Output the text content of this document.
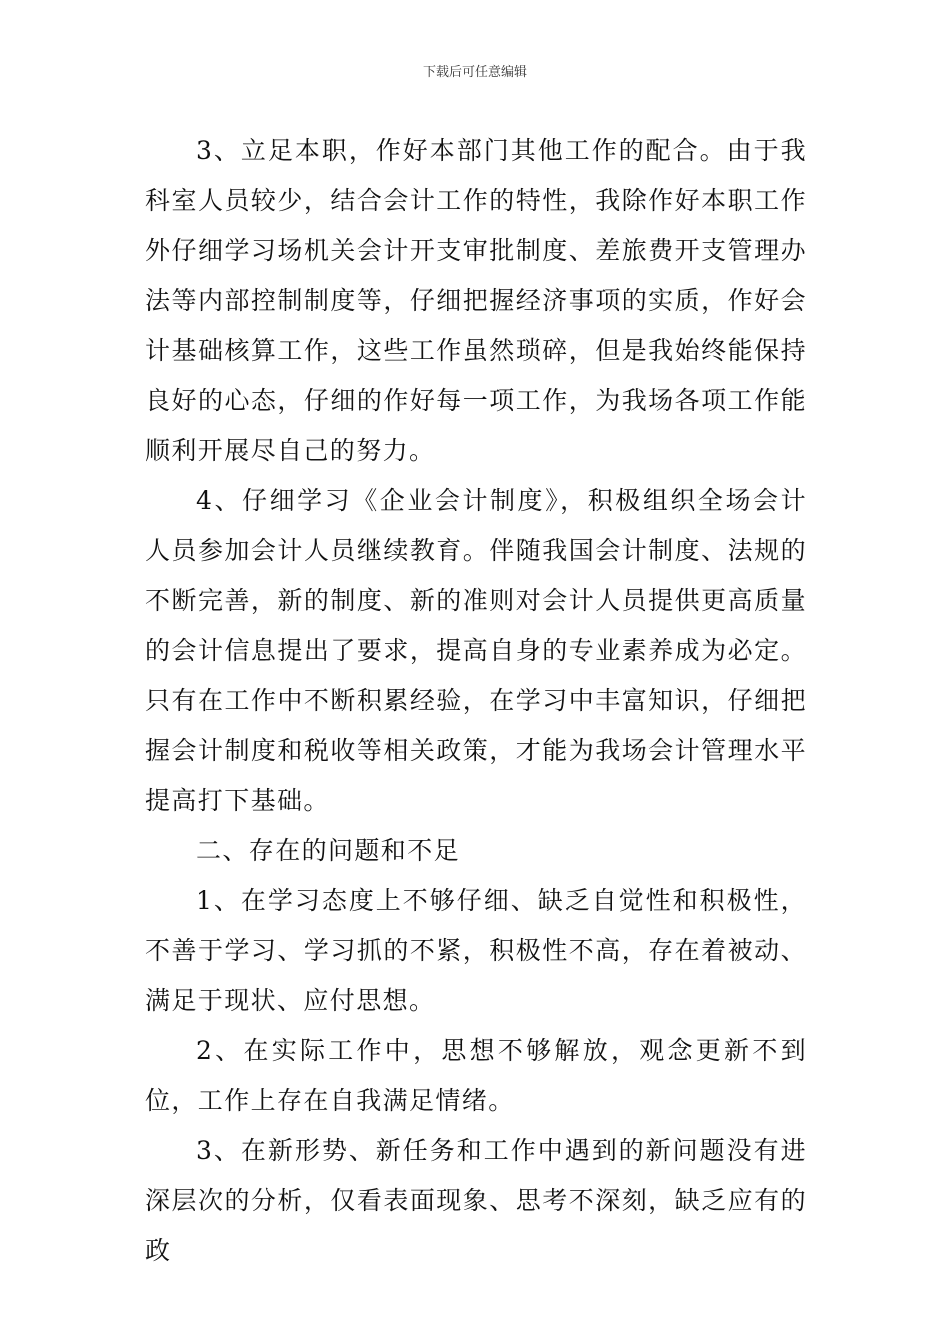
下载后可任意编辑

3、立足本职，作好本部门其他工作的配合。由于我科室人员较少，结合会计工作的特性，我除作好本职工作外仔细学习场机关会计开支审批制度、差旅费开支管理办法等内部控制制度等，仔细把握经济事项的实质，作好会计基础核算工作，这些工作虽然琐碎，但是我始终能保持良好的心态，仔细的作好每一项工作，为我场各项工作能顺利开展尽自己的努力。

4、仔细学习《企业会计制度》，积极组织全场会计人员参加会计人员继续教育。伴随我国会计制度、法规的不断完善，新的制度、新的准则对会计人员提供更高质量的会计信息提出了要求，提高自身的专业素养成为必定。只有在工作中不断积累经验，在学习中丰富知识，仔细把握会计制度和税收等相关政策，才能为我场会计管理水平提高打下基础。

二、存在的问题和不足

1、在学习态度上不够仔细、缺乏自觉性和积极性，不善于学习、学习抓的不紧，积极性不高，存在着被动、满足于现状、应付思想。

2、在实际工作中，思想不够解放，观念更新不到位，工作上存在自我满足情绪。

3、在新形势、新任务和工作中遇到的新问题没有进深层次的分析，仅看表面现象、思考不深刻，缺乏应有的政
